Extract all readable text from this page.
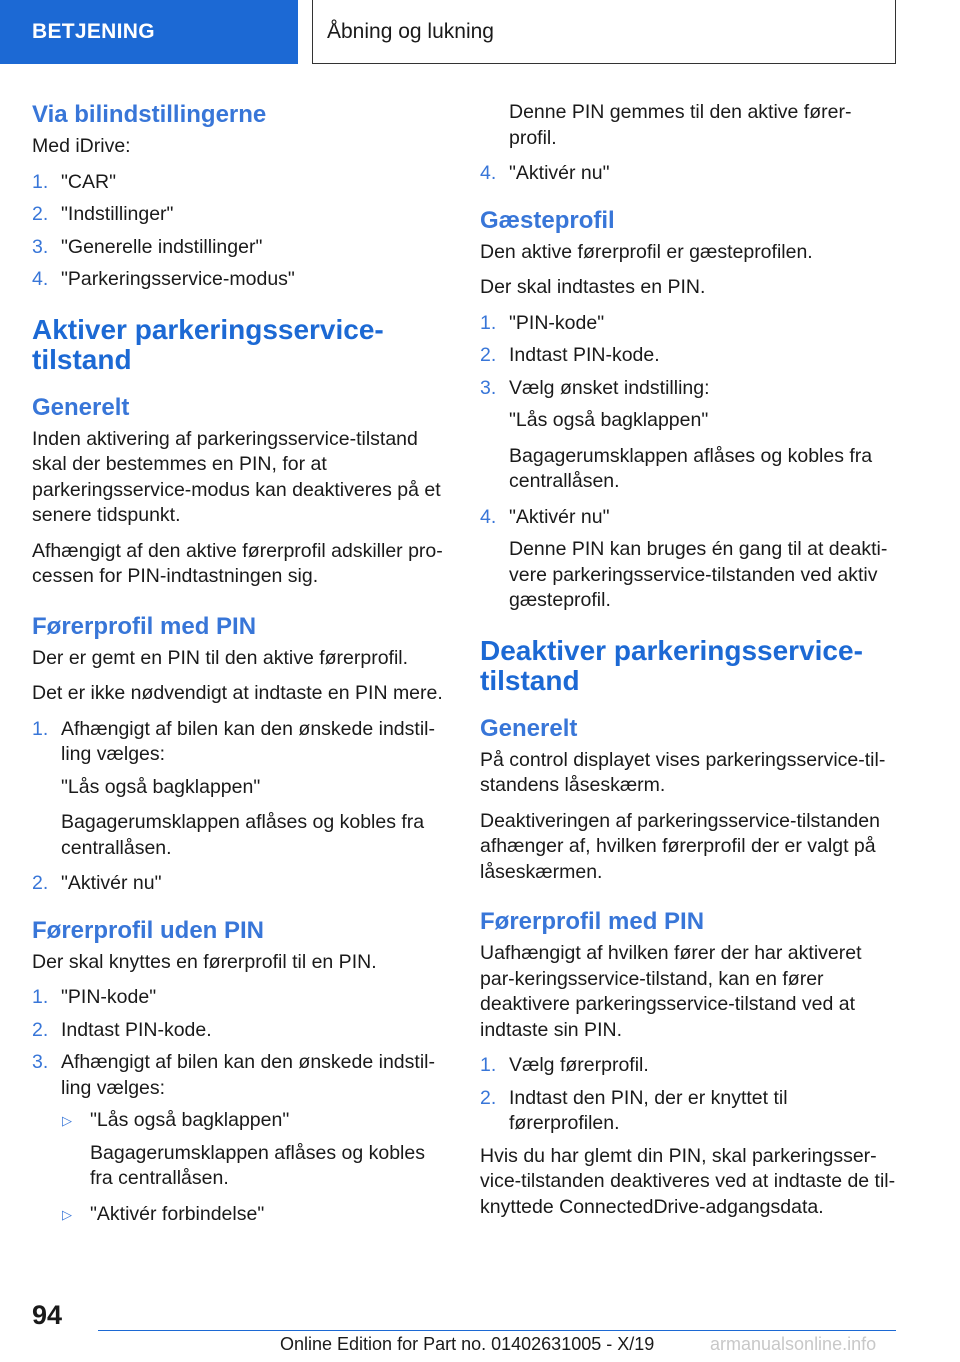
BETJENING	Åbning og lukning
Via bilindstillingerne

Med iDrive:

1. "CAR"
2. "Indstillinger"
3. "Generelle indstillinger"
4. "Parkeringsservice-modus"
Aktiver parkeringsservice-
tilstand
Generelt

Inden aktivering af parkeringsservice-tilstand skal der bestemmes en PIN, for at parkeringsservice-modus kan deaktiveres på et senere tidspunkt.

Afhængigt af den aktive førerprofil adskiller pro-cessen for PIN-indtastningen sig.

Førerprofil med PIN

Der er gemt en PIN til den aktive førerprofil.

Det er ikke nødvendigt at indtaste en PIN mere.

1. Afhængigt af bilen kan den ønskede indstil-ling vælges:

"Lås også bagklappen"

Bagagerumsklappen aflåses og kobles fra centrallåsen.

2. "Aktivér nu"
Førerprofil uden PIN

Der skal knyttes en førerprofil til en PIN.

1. "PIN-kode"
2. Indtast PIN-kode.
3. Afhængigt af bilen kan den ønskede indstil-ling vælges:
▷ "Lås også bagklappen"

Bagagerumsklappen aflåses og kobles fra centrallåsen.

▷ "Aktivér forbindelse"

Denne PIN gemmes til den aktive fører-profil.

4. "Aktivér nu"
Gæsteprofil

Den aktive førerprofil er gæsteprofilen.

Der skal indtastes en PIN.

1. "PIN-kode"
2. Indtast PIN-kode.
3. Vælg ønsket indstilling:

"Lås også bagklappen"

Bagagerumsklappen aflåses og kobles fra centrallåsen.

4. "Aktivér nu"

Denne PIN kan bruges én gang til at deakti-vere parkeringsservice-tilstanden ved aktiv gæsteprofil.

Deaktiver parkeringsservice-
tilstand
Generelt

På control displayet vises parkeringsservice-til-standens låseskærm.

Deaktiveringen af parkeringsservice-tilstanden afhænger af, hvilken førerprofil der er valgt på låseskærmen.

Førerprofil med PIN

Uafhængigt af hvilken fører der har aktiveret par-keringsservice-tilstand, kan en fører deaktivere parkeringsservice-tilstand ved at indtaste sin PIN.

1. Vælg førerprofil.
2. Indtast den PIN, der er knyttet til førerprofilen.

Hvis du har glemt din PIN, skal parkeringsser-vice-tilstanden deaktiveres ved at indtaste de til-knyttede ConnectedDrive-adgangsdata.

94
Online Edition for Part no. 01402631005 - X/19	armanualsonline.info
